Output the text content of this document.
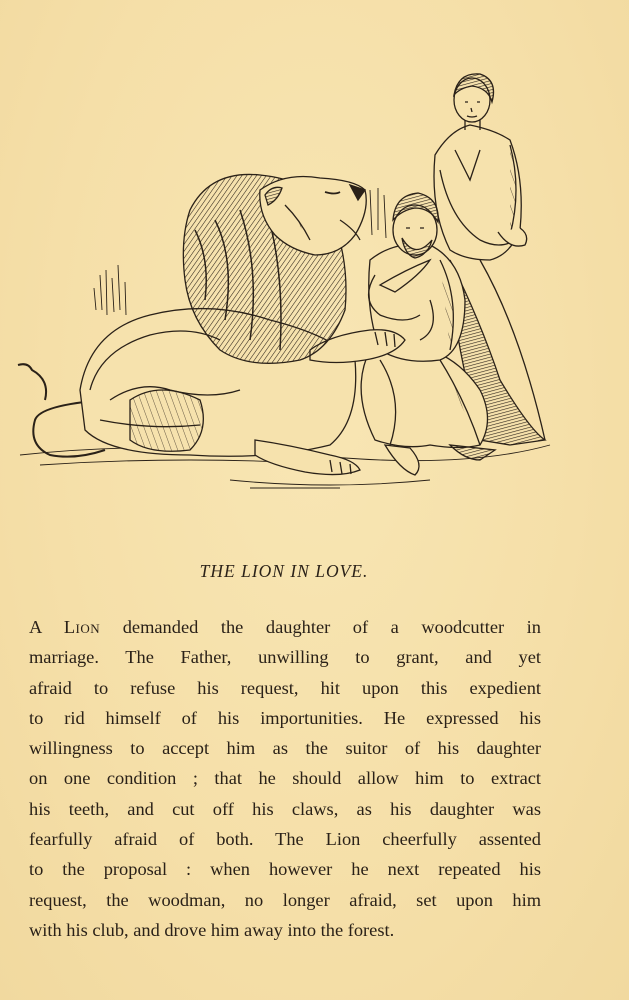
THE LION IN LOVE.
A Lion demanded the daughter of a woodcutter in
marriage. The Father, unwilling to grant, and yet
afraid to refuse his request, hit upon this expedient
to rid himself of his importunities. He expressed his
willingness to accept him as the suitor of his daughter
on one condition ; that he should allow him to extract
his teeth, and cut off his claws, as his daughter was
fearfully afraid of both. The Lion cheerfully assented
to the proposal : when however he next repeated his
request, the woodman, no longer afraid, set upon him
with his club, and drove him away into the forest.
